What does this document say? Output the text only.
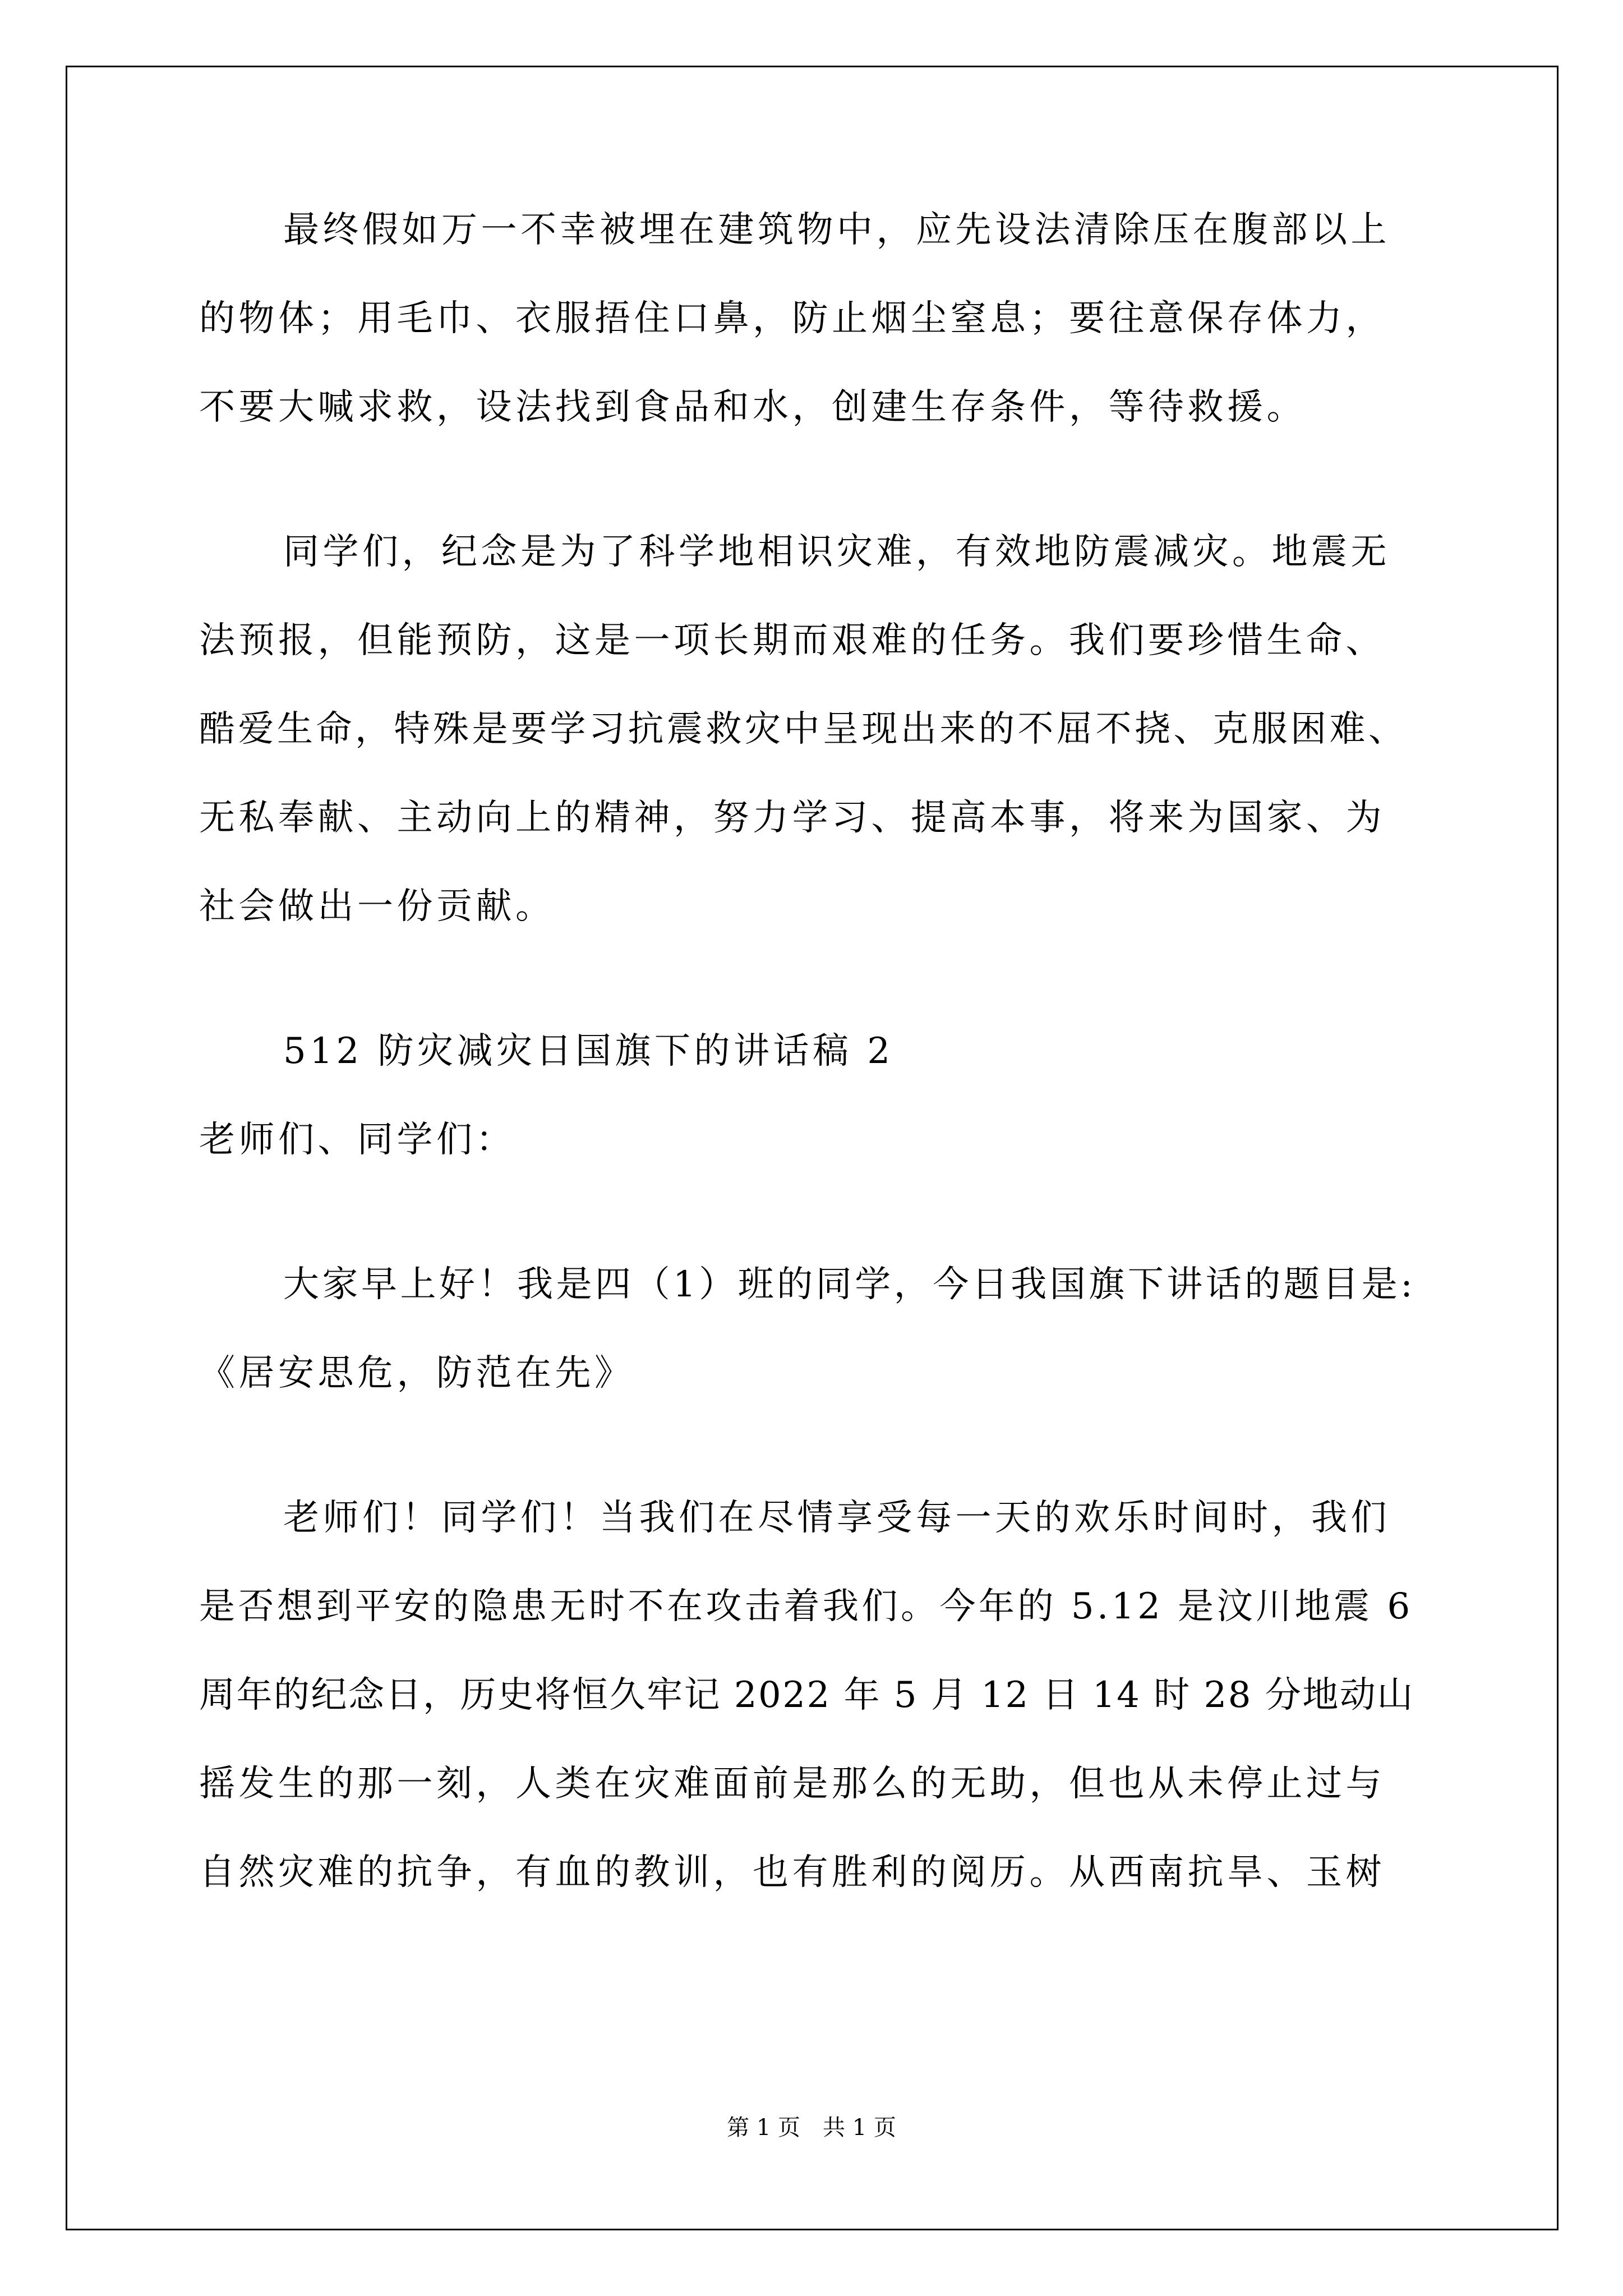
最终假如万一不幸被埋在建筑物中，应先设法清除压在腹部以上

的物体；用毛巾、衣服捂住口鼻，防止烟尘窒息；要往意保存体力，

不要大喊求救，设法找到食品和水，创建生存条件，等待救援。

同学们，纪念是为了科学地相识灾难，有效地防震减灾。地震无

法预报，但能预防，这是一项长期而艰难的任务。我们要珍惜生命、

酷爱生命，特殊是要学习抗震救灾中呈现出来的不屈不挠、克服困难、

无私奉献、主动向上的精神，努力学习、提高本事，将来为国家、为

社会做出一份贡献。

512 防灾减灾日国旗下的讲话稿 2

老师们、同学们：

大家早上好！我是四（1）班的同学，今日我国旗下讲话的题目是:

《居安思危，防范在先》

老师们！同学们！当我们在尽情享受每一天的欢乐时间时，我们

是否想到平安的隐患无时不在攻击着我们。今年的 5.12 是汶川地震 6

周年的纪念日，历史将恒久牢记 2022 年 5 月 12 日 14 时 28 分地动山

摇发生的那一刻，人类在灾难面前是那么的无助，但也从未停止过与

自然灾难的抗争，有血的教训，也有胜利的阅历。从西南抗旱、玉树

第 1 页　共 1 页
